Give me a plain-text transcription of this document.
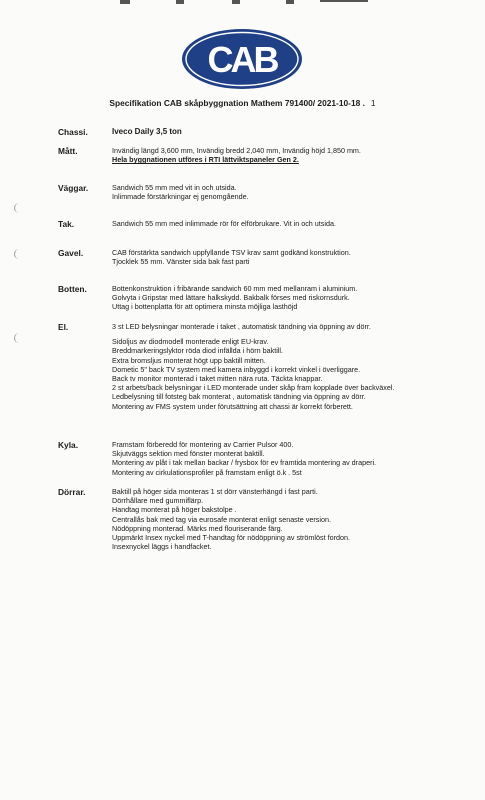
CAB
Specifikation CAB skåpbyggnation Mathem 791400/ 2021-10-18 . 1
Chassi.	Iveco Daily 3,5 ton
Mått.	Invändig längd 3,600 mm, Invändig bredd 2,040 mm, Invändig höjd 1,850 mm.
Hela byggnationen utföres i RTI lättviktspaneler Gen 2.
Väggar.	Sandwich 55 mm med vit in och utsida.
Inlimmade förstärkningar ej genomgående.
Tak.	Sandwich 55 mm med inlimmade rör för elförbrukare. Vit in och utsida.
Gavel.	CAB förstärkta sandwich uppfyllande TSV krav samt godkänd konstruktion.
Tjocklek 55 mm. Vänster sida bak fast parti
Botten.	Bottenkonstruktion i fribärande sandwich 60 mm med mellanram i aluminium.
Golvyta i Gripstar med lättare halkskydd. Bakbalk förses med riskornsdurk.
Uttag i bottenplatta för att optimera minsta möjliga lasthöjd
El.	3 st LED belysningar monterade i taket , automatisk tändning via öppning av dörr.
Sidoljus av diodmodell monterade enligt EU-krav.
Breddmarkeringslyktor röda diod infällda i hörn baktill.
Extra bromsljus monterat högt upp baktill mitten.
Dometic 5" back TV system med kamera inbyggd i korrekt vinkel i överliggare.
Back tv monitor monterad i taket mitten nära ruta. Täckta knappar.
2 st arbets/back belysningar i LED monterade under skåp fram kopplade över backväxel.
Ledbelysning till fotsteg bak monterat , automatisk tändning via öppning av dörr.
Montering av FMS system under förutsättning att chassi är korrekt förberett.
Kyla.	Framstam förberedd för montering av Carrier Pulsor 400.
Skjutväggs sektion med fönster monterat baktill.
Montering av plåt i tak mellan backar / frysbox för ev framtida montering av draperi.
Montering av cirkulationsprofiler på framstam enligt ö.k . 5st
Dörrar.	Baktill på höger sida monteras 1 st dörr vänsterhängd i fast parti.
Dörrhållare med gummiflärp.
Handtag monterat på höger bakstolpe .
Centrallås bak med tag via eurosafe monterat enligt senaste version.
Nödöppning monterad. Märks med flouriserande färg.
Uppmärkt Insex nyckel med T-handtag för nödöppning av strömlöst fordon.
Insexnyckel läggs i handfacket.
